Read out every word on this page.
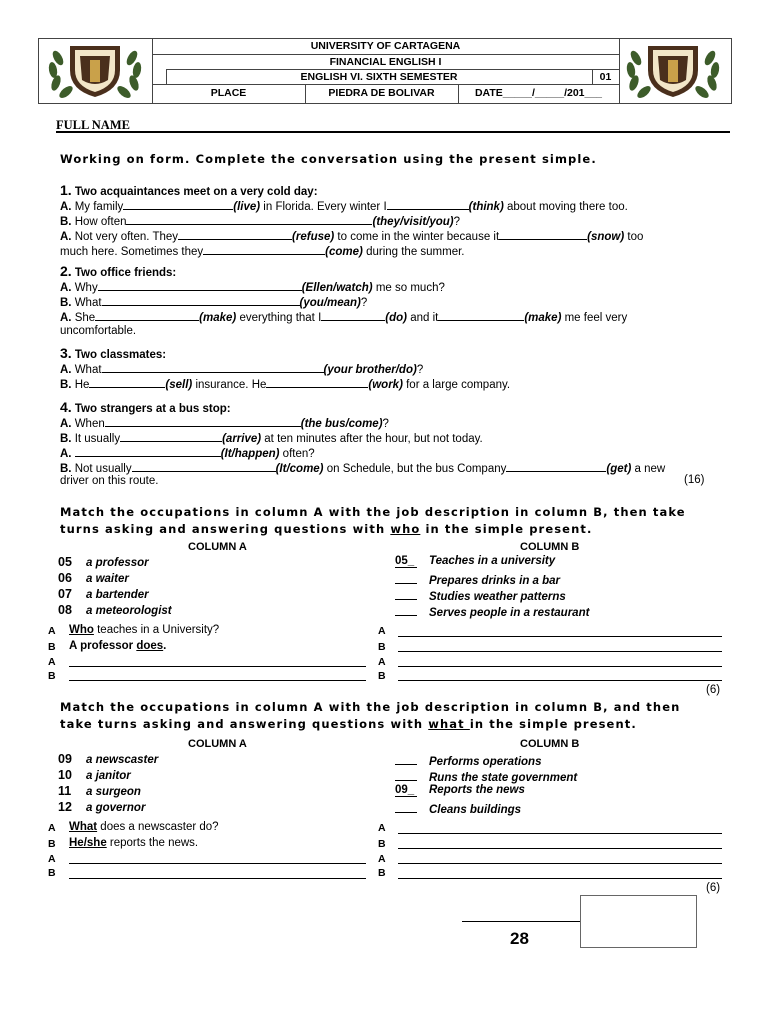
UNIVERSITY OF CARTAGENA
FINANCIAL ENGLISH I
ENGLISH VI. SIXTH SEMESTER	01
PLACE	PIEDRA DE BOLIVAR	DATE_____/_____/201___
FULL NAME
Working on form. Complete the conversation using the present simple.
1. Two acquaintances meet on a very cold day:
A. My family	(live) in Florida. Every winter I	(think) about moving there too.
B. How often	(they/visit/you)?
A. Not very often. They	(refuse) to come in the winter because it	(snow) too
much here. Sometimes they	(come) during the summer.
2. Two office friends:
A. Why	(Ellen/watch) me so much?
B. What	(you/mean)?
A. She	(make) everything that I	(do) and it	(make) me feel very
uncomfortable.
3. Two classmates:
A. What	(your brother/do)?
B. He	(sell) insurance. He	(work) for a large company.
4. Two strangers at a bus stop:
A. When	(the bus/come)?
B. It usually	(arrive) at ten minutes after the hour, but not today.
A.	(It/happen) often?
B. Not usually	(It/come) on Schedule, but the bus Company	(get) a new
driver on this route.	(16)
Match the occupations in column A with the job description in column B, then take
turns asking and answering questions with who in the simple present.
COLUMN A	COLUMN B
05 a professor
06 a waiter
07 a bartender
08 a meteorologist
05_ Teaches in a university
Prepares drinks in a bar
Studies weather patterns
Serves people in a restaurant
A Who teaches in a University?
B A professor does.
A
B
A
B
A
B
(6)
Match the occupations in column A with the job description in column B, and then
take turns asking and answering questions with what in the simple present.
COLUMN A	COLUMN B
09 a newscaster
10 a janitor
11 a surgeon
12 a governor
Performs operations
Runs the state government
09_ Reports the news
Cleans buildings
A What does a newscaster do?
B He/she reports the news.
A
B
A
B
A
B
(6)
28
